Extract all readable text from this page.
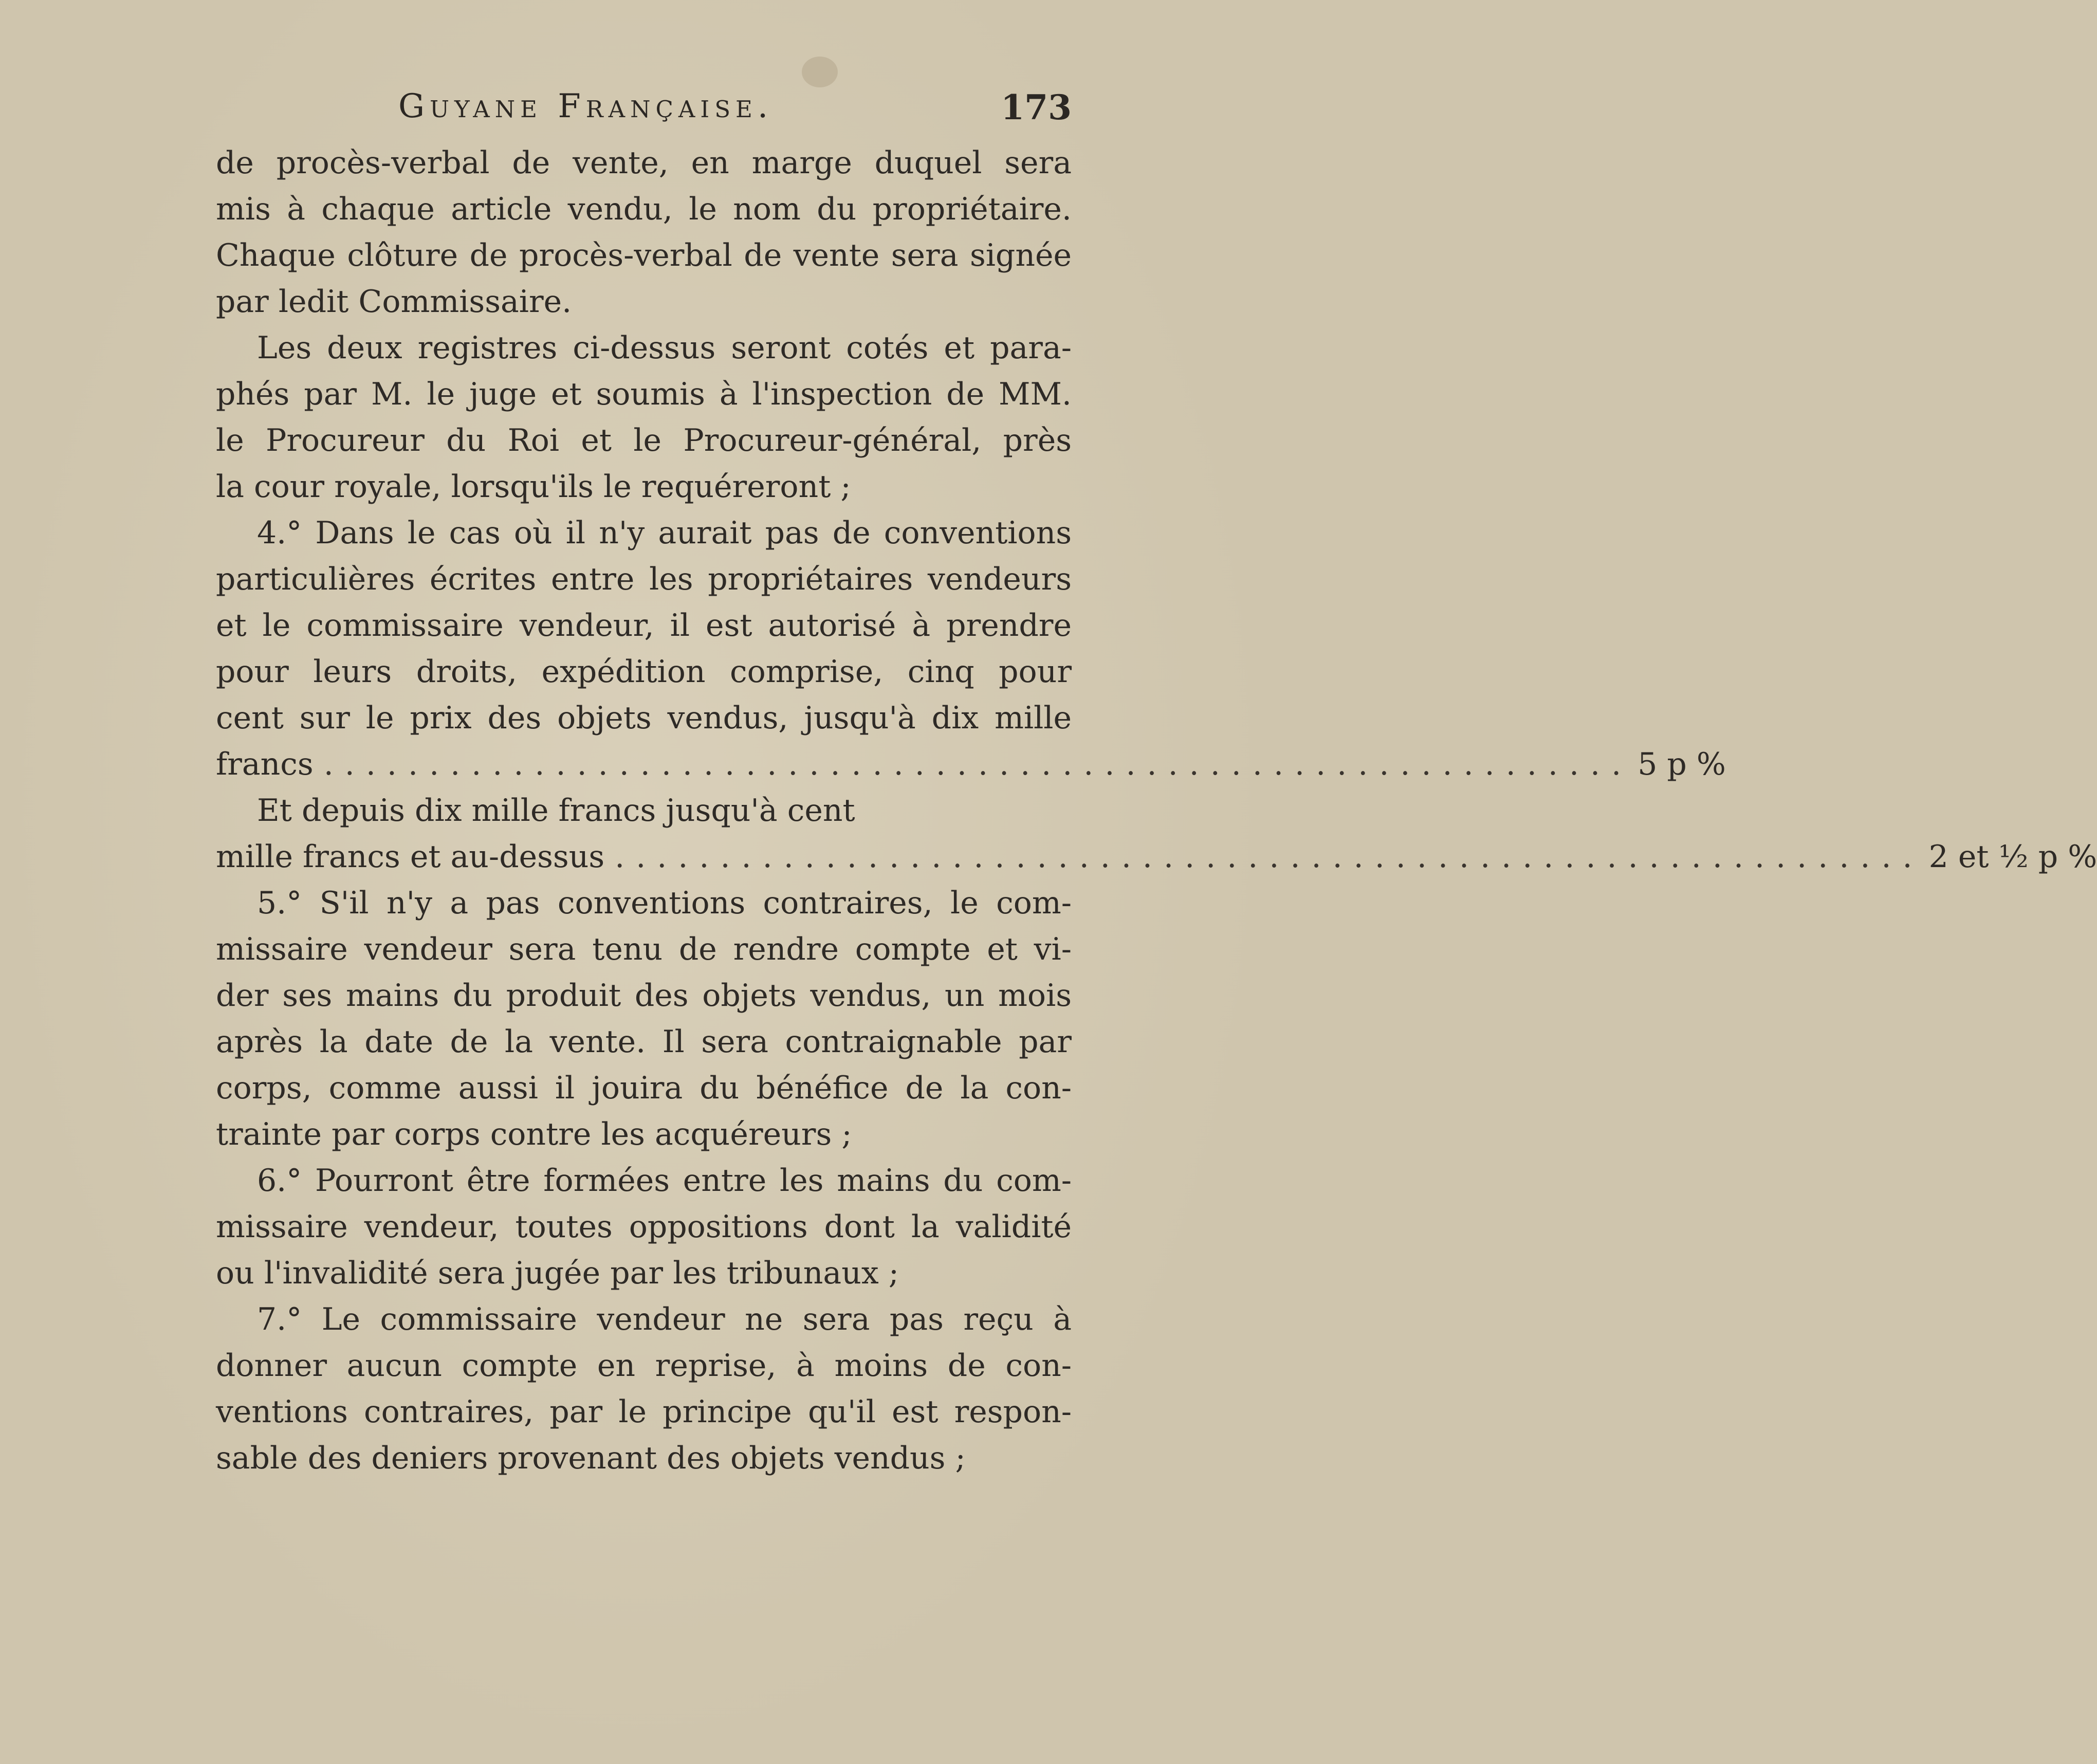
Guyane Française.	173
de procès-verbal de vente, en marge duquel sera
mis à chaque article vendu, le nom du propriétaire.
Chaque clôture de procès-verbal de vente sera signée
par ledit Commissaire.
Les deux registres ci-dessus seront cotés et para-
phés par M. le juge et soumis à l'inspection de MM.
le Procureur du Roi et le Procureur-général, près
la cour royale, lorsqu'ils le requéreront ;
4.° Dans le cas où il n'y aurait pas de conventions
particulières écrites entre les propriétaires vendeurs
et le commissaire vendeur, il est autorisé à prendre
pour leurs droits, expédition comprise, cinq pour
cent sur le prix des objets vendus, jusqu'à dix mille
francs .............................................................. 5 p %
Et depuis dix mille francs jusqu'à cent
mille francs et au-dessus .............................................................. 2 et ½ p %
5.° S'il n'y a pas conventions contraires, le com-
missaire vendeur sera tenu de rendre compte et vi-
der ses mains du produit des objets vendus, un mois
après la date de la vente. Il sera contraignable par
corps, comme aussi il jouira du bénéfice de la con-
trainte par corps contre les acquéreurs ;
6.° Pourront être formées entre les mains du com-
missaire vendeur, toutes oppositions dont la validité
ou l'invalidité sera jugée par les tribunaux ;
7.° Le commissaire vendeur ne sera pas reçu à
donner aucun compte en reprise, à moins de con-
ventions contraires, par le principe qu'il est respon-
sable des deniers provenant des objets vendus ;
